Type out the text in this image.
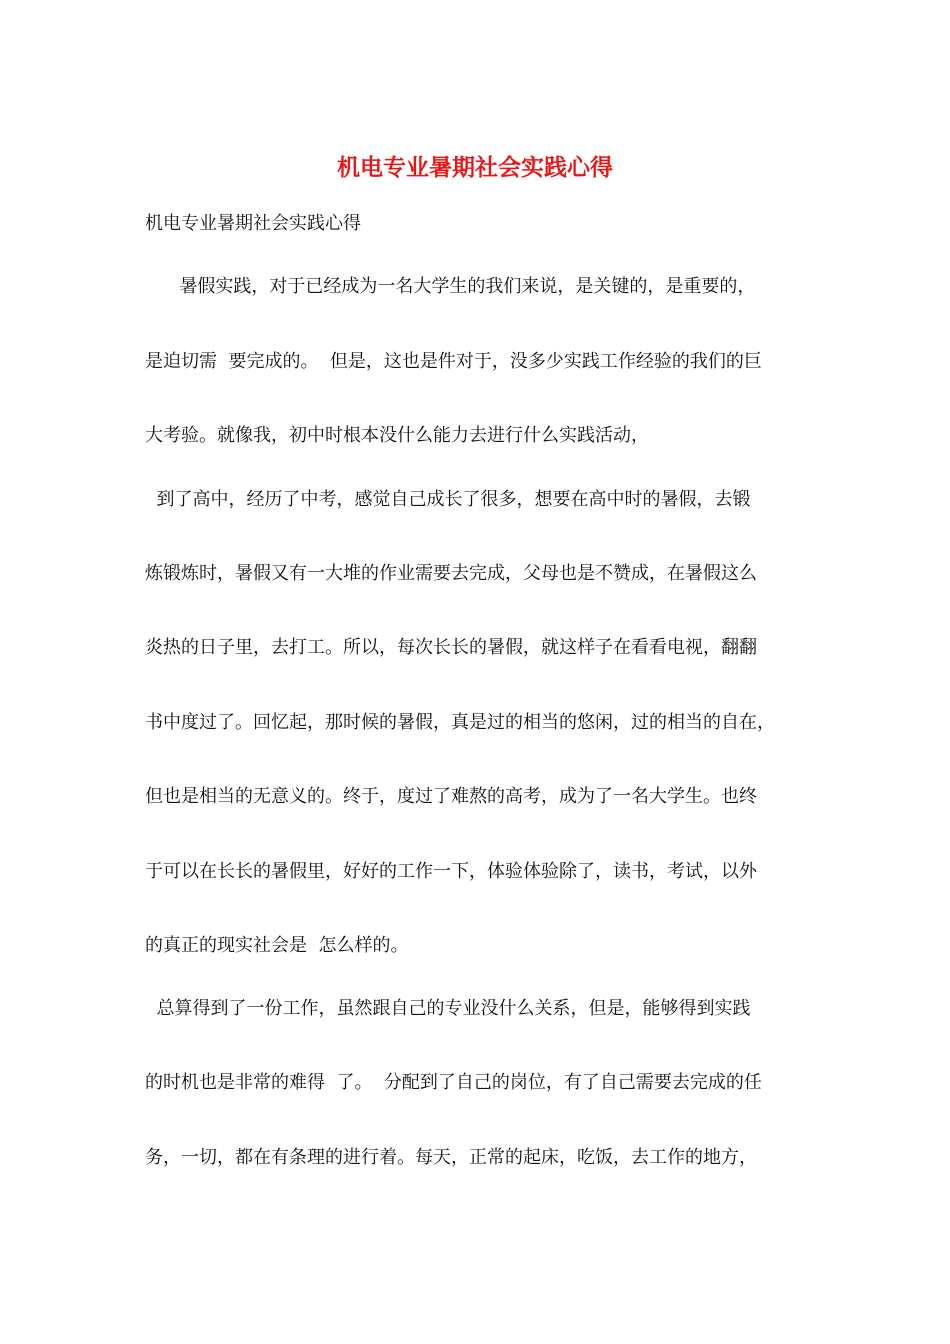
机电专业暑期社会实践心得

机电专业暑期社会实践心得

暑假实践，对于已经成为一名大学生的我们来说，是关键的，是重要的，

是迫切需  要完成的。  但是，这也是件对于，没多少实践工作经验的我们的巨

大考验。就像我，初中时根本没什么能力去进行什么实践活动，

到了高中，经历了中考，感觉自己成长了很多，想要在高中时的暑假，去锻

炼锻炼时，暑假又有一大堆的作业需要去完成，父母也是不赞成，在暑假这么

炎热的日子里，去打工。所以，每次长长的暑假，就这样子在看看电视，翻翻

书中度过了。回忆起，那时候的暑假，真是过的相当的悠闲，过的相当的自在，

但也是相当的无意义的。终于，度过了难熬的高考，成为了一名大学生。也终

于可以在长长的暑假里，好好的工作一下，体验体验除了，读书，考试，以外

的真正的现实社会是  怎么样的。

总算得到了一份工作，虽然跟自己的专业没什么关系，但是，能够得到实践

的时机也是非常的难得  了。  分配到了自己的岗位，有了自己需要去完成的任

务，一切，都在有条理的进行着。每天，正常的起床，吃饭，去工作的地方，
